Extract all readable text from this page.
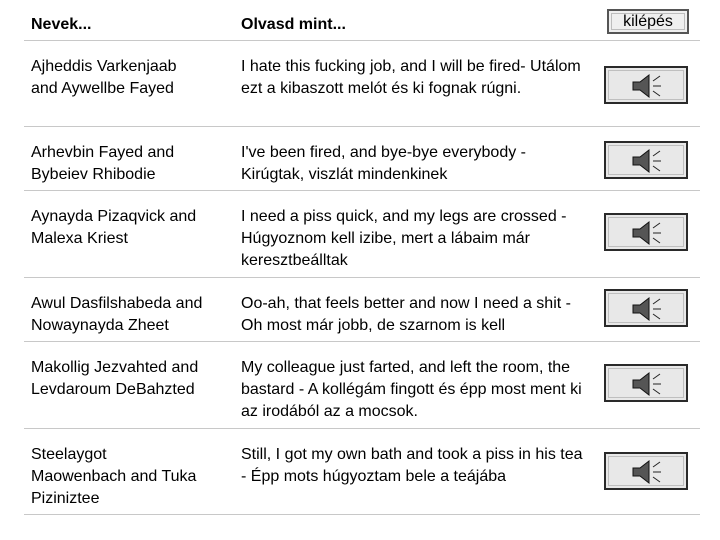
kilépés
Nevek...	Olvasd mint...
Ajheddis Varkenjaab
and Aywellbe Fayed
I hate this fucking job, and I will be fired- Utálom ezt a kibaszott melót és ki fognak rúgni.
Arhevbin Fayed and
Bybeiev Rhibodie
I've been fired, and bye-bye everybody - Kirúgtak, viszlát mindenkinek
Aynayda Pizaqvick and
Malexa Kriest
I need a piss quick, and my legs are crossed - Húgyoznom kell izibe, mert a lábaim már keresztbeálltak
Awul Dasfilshabeda and
Nowaynayda Zheet
Oo-ah, that feels better and now I need a shit - Oh most már jobb, de szarnom is kell
Makollig Jezvahted and
Levdaroum DeBahzted
My colleague just farted, and left the room, the bastard - A kollégám fingott és épp most ment ki az irodából az a mocsok.
Steelaygot
Maowenbach and Tuka
Piziniztee
Still, I got my own bath and took a piss in his tea - Épp mots húgyoztam bele a teájába
